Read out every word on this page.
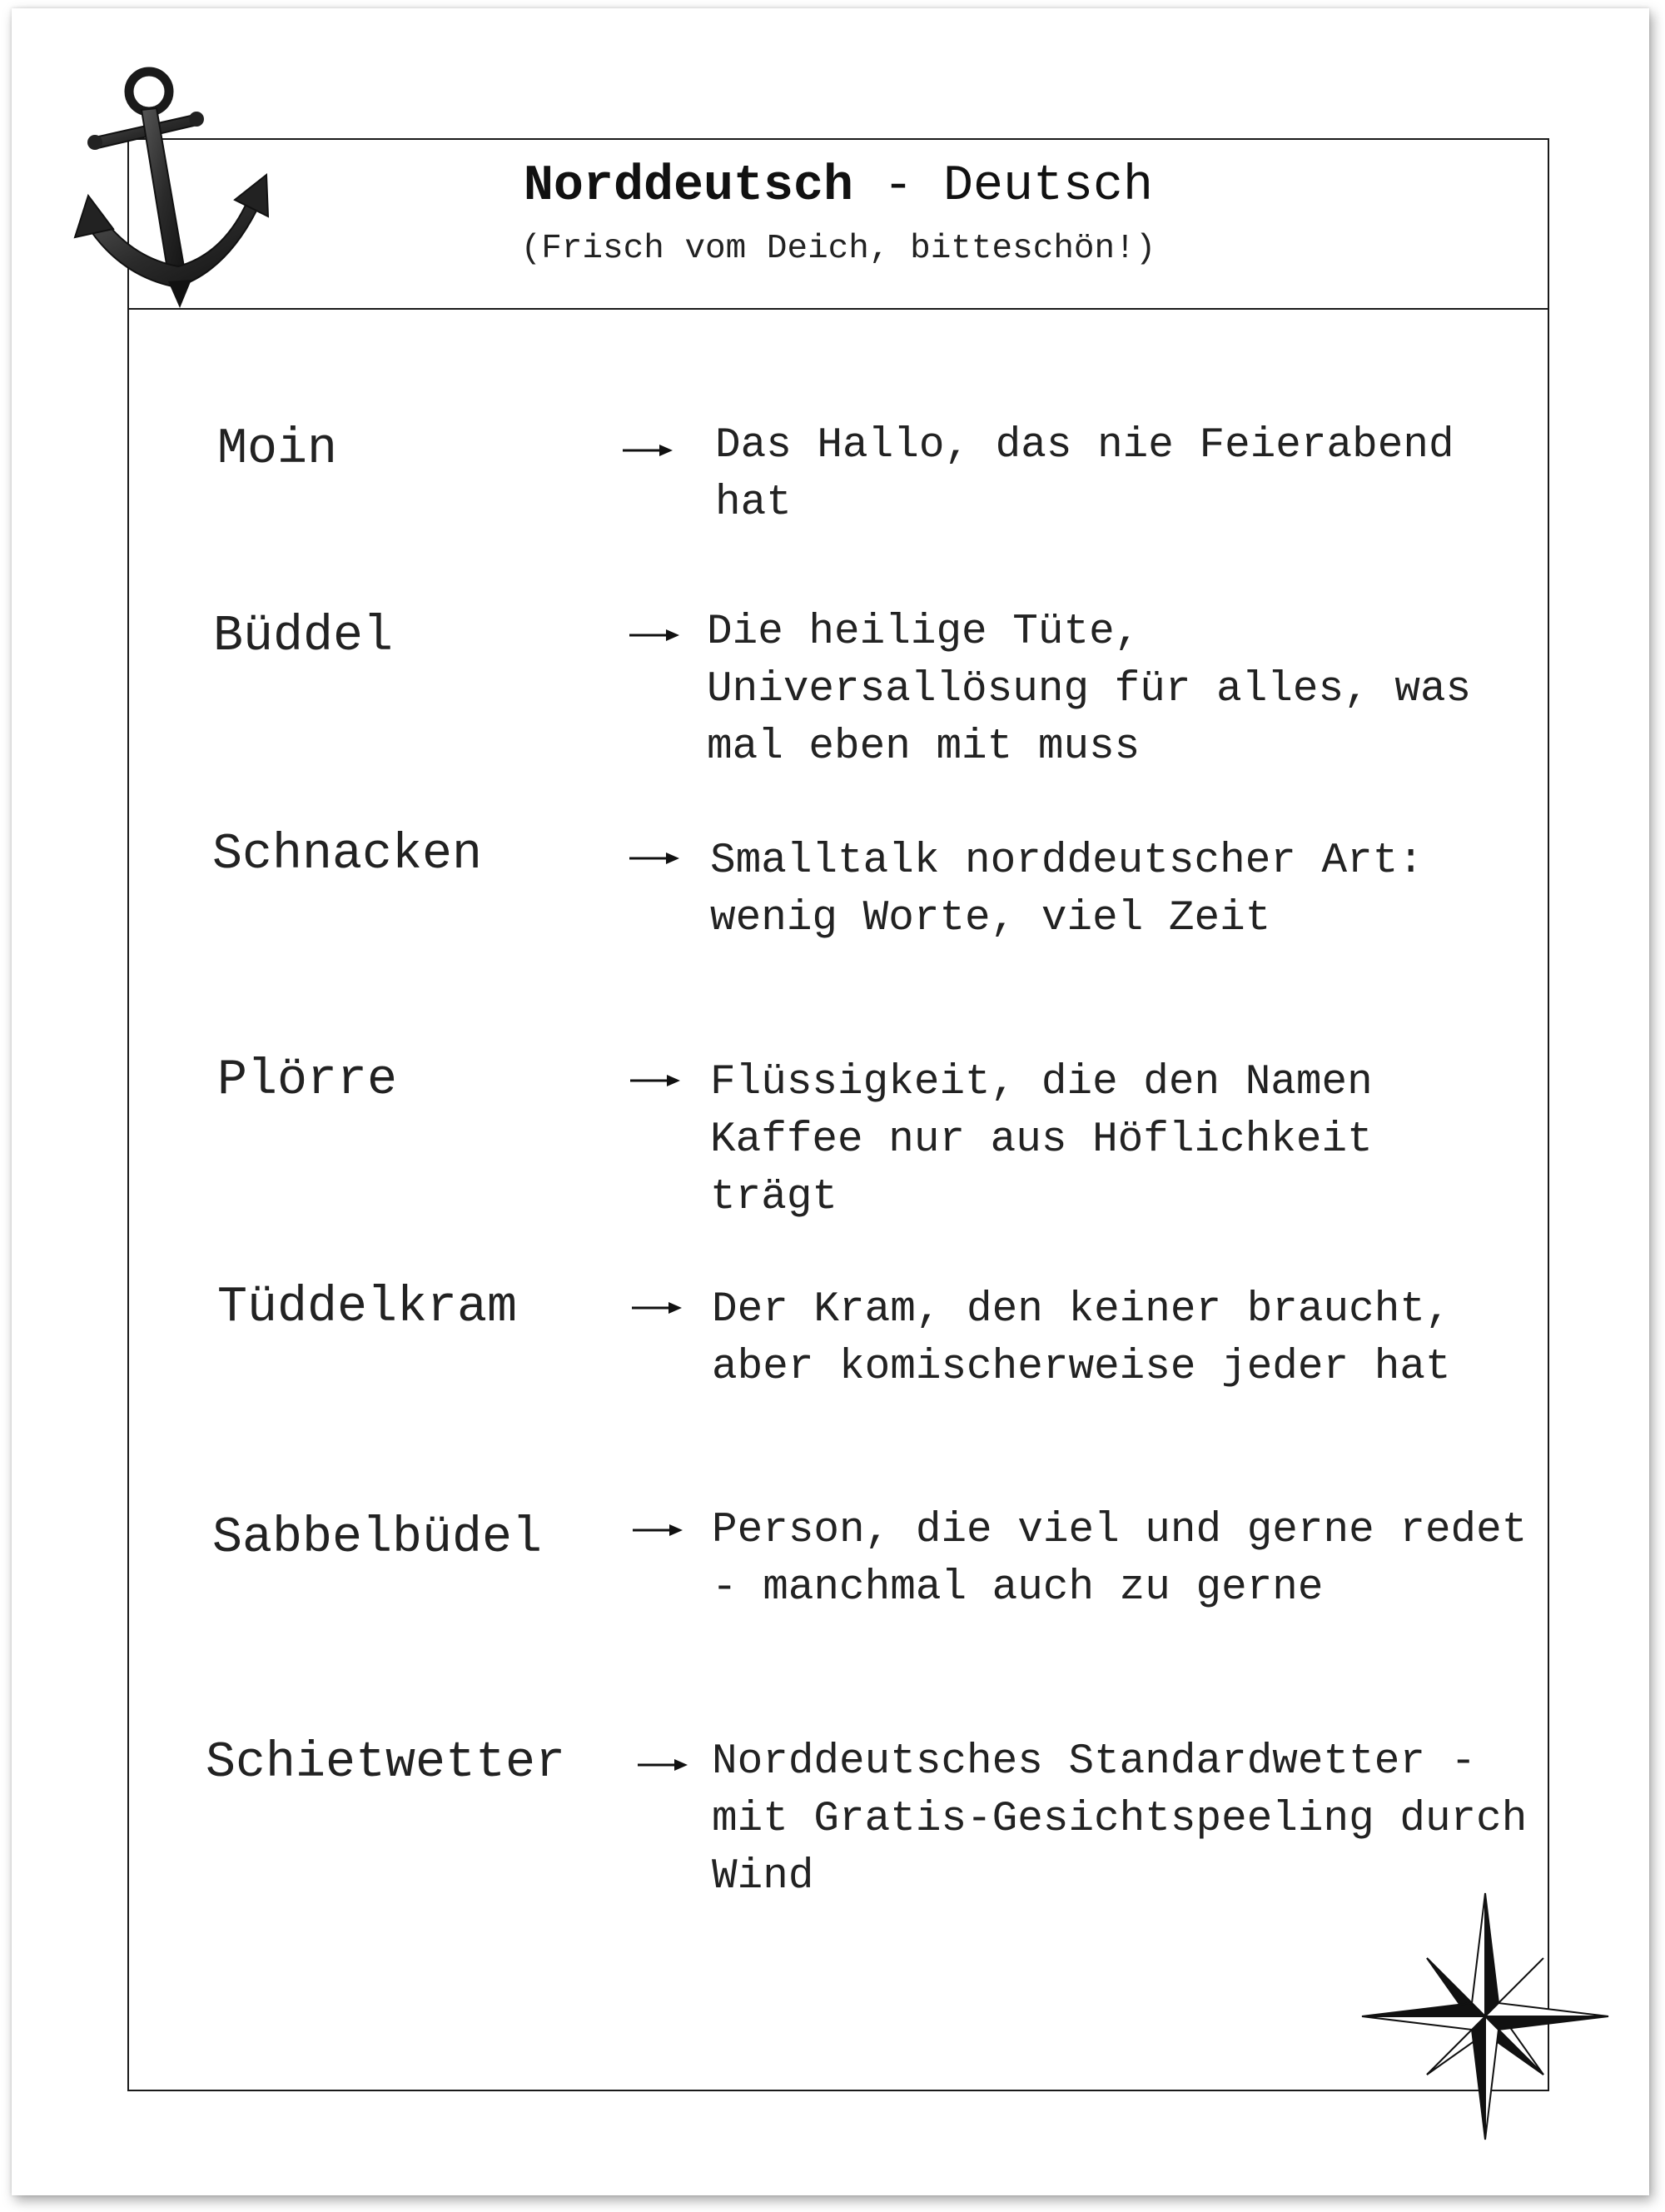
Norddeutsch - Deutsch
(Frisch vom Deich, bitteschön!)
Moin	Das Hallo, das nie Feierabend hat
Büddel	Die heilige Tüte, Universallösung für alles, was mal eben mit muss
Schnacken	Smalltalk norddeutscher Art: wenig Worte, viel Zeit
Plörre	Flüssigkeit, die den Namen Kaffee nur aus Höflichkeit trägt
Tüddelkram	Der Kram, den keiner braucht, aber komischerweise jeder hat
Sabbelbüdel	Person, die viel und gerne redet - manchmal auch zu gerne
Schietwetter	Norddeutsches Standardwetter - mit Gratis-Gesichtspeeling durch Wind
